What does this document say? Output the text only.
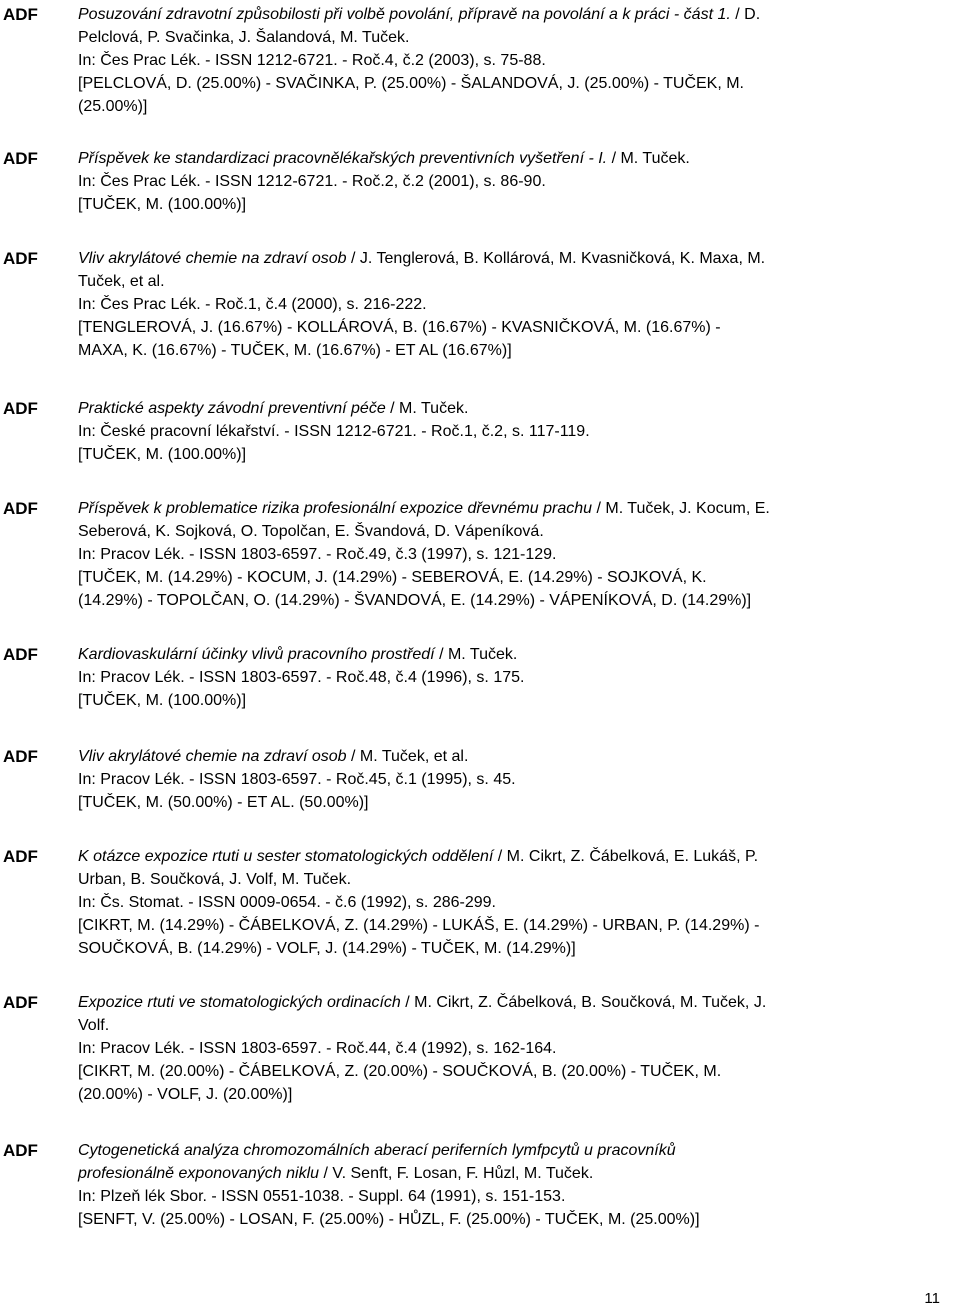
ADF	Posuzování zdravotní způsobilosti při volbě povolání, přípravě na povolání a k práci - část 1. / D.
Pelclová, P. Svačinka, J. Šalandová, M. Tuček.
In: Čes Prac Lék. - ISSN 1212-6721. - Roč.4, č.2 (2003), s. 75-88.
[PELCLOVÁ, D. (25.00%) - SVAČINKA, P. (25.00%) - ŠALANDOVÁ, J. (25.00%) - TUČEK, M.
(25.00%)]
ADF	Příspěvek ke standardizaci pracovnělékařských preventivních vyšetření - I. / M. Tuček.
In: Čes Prac Lék. - ISSN 1212-6721. - Roč.2, č.2 (2001), s. 86-90.
[TUČEK, M. (100.00%)]
ADF	Vliv akrylátové chemie na zdraví osob / J. Tenglerová, B. Kollárová, M. Kvasničková, K. Maxa, M.
Tuček, et al.
In: Čes Prac Lék. - Roč.1, č.4 (2000), s. 216-222.
[TENGLEROVÁ, J. (16.67%) - KOLLÁROVÁ, B. (16.67%) - KVASNIČKOVÁ, M. (16.67%) -
MAXA, K. (16.67%) - TUČEK, M. (16.67%) - ET AL (16.67%)]
ADF	Praktické aspekty závodní preventivní péče / M. Tuček.
In: České pracovní lékařství. - ISSN 1212-6721. - Roč.1, č.2, s. 117-119.
[TUČEK, M. (100.00%)]
ADF	Příspěvek k problematice rizika profesionální expozice dřevnému prachu / M. Tuček, J. Kocum, E.
Seberová, K. Sojková, O. Topolčan, E. Švandová, D. Vápeníková.
In: Pracov Lék. - ISSN 1803-6597. - Roč.49, č.3 (1997), s. 121-129.
[TUČEK, M. (14.29%) - KOCUM, J. (14.29%) - SEBEROVÁ, E. (14.29%) - SOJKOVÁ, K.
(14.29%) - TOPOLČAN, O. (14.29%) - ŠVANDOVÁ, E. (14.29%) - VÁPENÍKOVÁ, D. (14.29%)]
ADF	Kardiovaskulární účinky vlivů pracovního prostředí / M. Tuček.
In: Pracov Lék. - ISSN 1803-6597. - Roč.48, č.4 (1996), s. 175.
[TUČEK, M. (100.00%)]
ADF	Vliv akrylátové chemie na zdraví osob / M. Tuček, et al.
In: Pracov Lék. - ISSN 1803-6597. - Roč.45, č.1 (1995), s. 45.
[TUČEK, M. (50.00%) - ET AL. (50.00%)]
ADF	K otázce expozice rtuti u sester stomatologických oddělení / M. Cikrt, Z. Čábelková, E. Lukáš, P.
Urban, B. Součková, J. Volf, M. Tuček.
In: Čs. Stomat. - ISSN 0009-0654. - č.6 (1992), s. 286-299.
[CIKRT, M. (14.29%) - ČÁBELKOVÁ, Z. (14.29%) - LUKÁŠ, E. (14.29%) - URBAN, P. (14.29%) -
SOUČKOVÁ, B. (14.29%) - VOLF, J. (14.29%) - TUČEK, M. (14.29%)]
ADF	Expozice rtuti ve stomatologických ordinacích / M. Cikrt, Z. Čábelková, B. Součková, M. Tuček, J.
Volf.
In: Pracov Lék. - ISSN 1803-6597. - Roč.44, č.4 (1992), s. 162-164.
[CIKRT, M. (20.00%) - ČÁBELKOVÁ, Z. (20.00%) - SOUČKOVÁ, B. (20.00%) - TUČEK, M.
(20.00%) - VOLF, J. (20.00%)]
ADF	Cytogenetická analýza chromozomálních aberací periferních lymfpcytů u pracovníků
profesionálně exponovaných niklu / V. Senft, F. Losan, F. Hůzl, M. Tuček.
In: Plzeň lék Sbor. - ISSN 0551-1038. - Suppl. 64 (1991), s. 151-153.
[SENFT, V. (25.00%) - LOSAN, F. (25.00%) - HŮZL, F. (25.00%) - TUČEK, M. (25.00%)]
11
